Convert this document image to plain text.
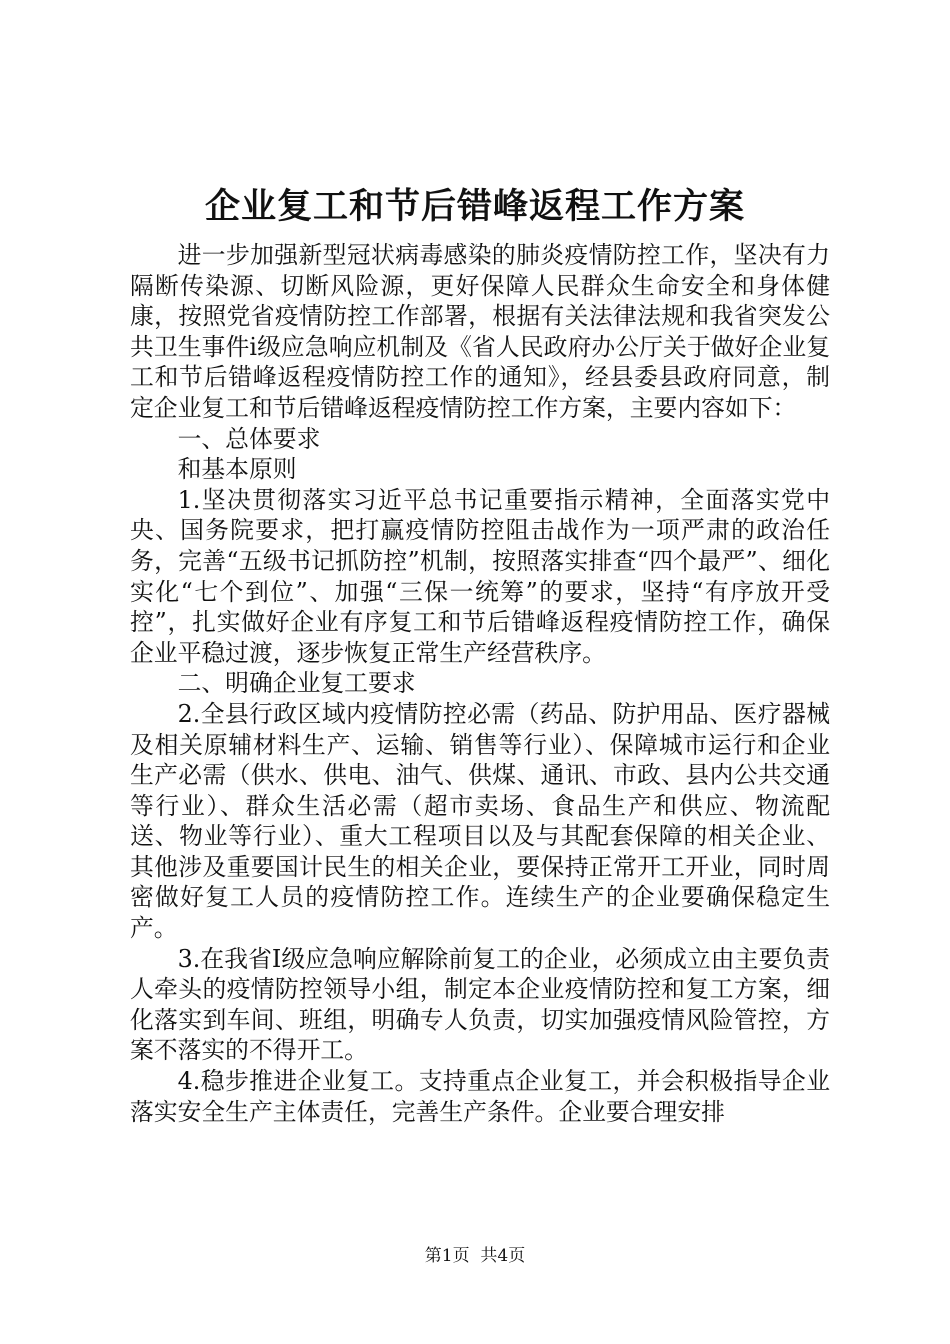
企业复工和节后错峰返程工作方案

进一步加强新型冠状病毒感染的肺炎疫情防控工作，坚决有力隔断传染源、切断风险源，更好保障人民群众生命安全和身体健康，按照党省疫情防控工作部署，根据有关法律法规和我省突发公共卫生事件ⅰ级应急响应机制及《省人民政府办公厅关于做好企业复工和节后错峰返程疫情防控工作的通知》，经县委县政府同意，制定企业复工和节后错峰返程疫情防控工作方案，主要内容如下：

一、总体要求

和基本原则

1.坚决贯彻落实习近平总书记重要指示精神，全面落实党中央、国务院要求，把打赢疫情防控阻击战作为一项严肃的政治任务，完善“五级书记抓防控”机制，按照落实排查“四个最严”、细化实化“七个到位”、加强“三保一统筹”的要求，坚持“有序放开受控”，扎实做好企业有序复工和节后错峰返程疫情防控工作，确保企业平稳过渡，逐步恢复正常生产经营秩序。

二、明确企业复工要求

2.全县行政区域内疫情防控必需（药品、防护用品、医疗器械及相关原辅材料生产、运输、销售等行业）、保障城市运行和企业生产必需（供水、供电、油气、供煤、通讯、市政、县内公共交通等行业）、群众生活必需（超市卖场、食品生产和供应、物流配送、物业等行业）、重大工程项目以及与其配套保障的相关企业、其他涉及重要国计民生的相关企业，要保持正常开工开业，同时周密做好复工人员的疫情防控工作。连续生产的企业要确保稳定生产。

3.在我省Ⅰ级应急响应解除前复工的企业，必须成立由主要负责人牵头的疫情防控领导小组，制定本企业疫情防控和复工方案，细化落实到车间、班组，明确专人负责，切实加强疫情风险管控，方案不落实的不得开工。

4.稳步推进企业复工。支持重点企业复工，并会积极指导企业落实安全生产主体责任，完善生产条件。企业要合理安排

第1页  共4页
